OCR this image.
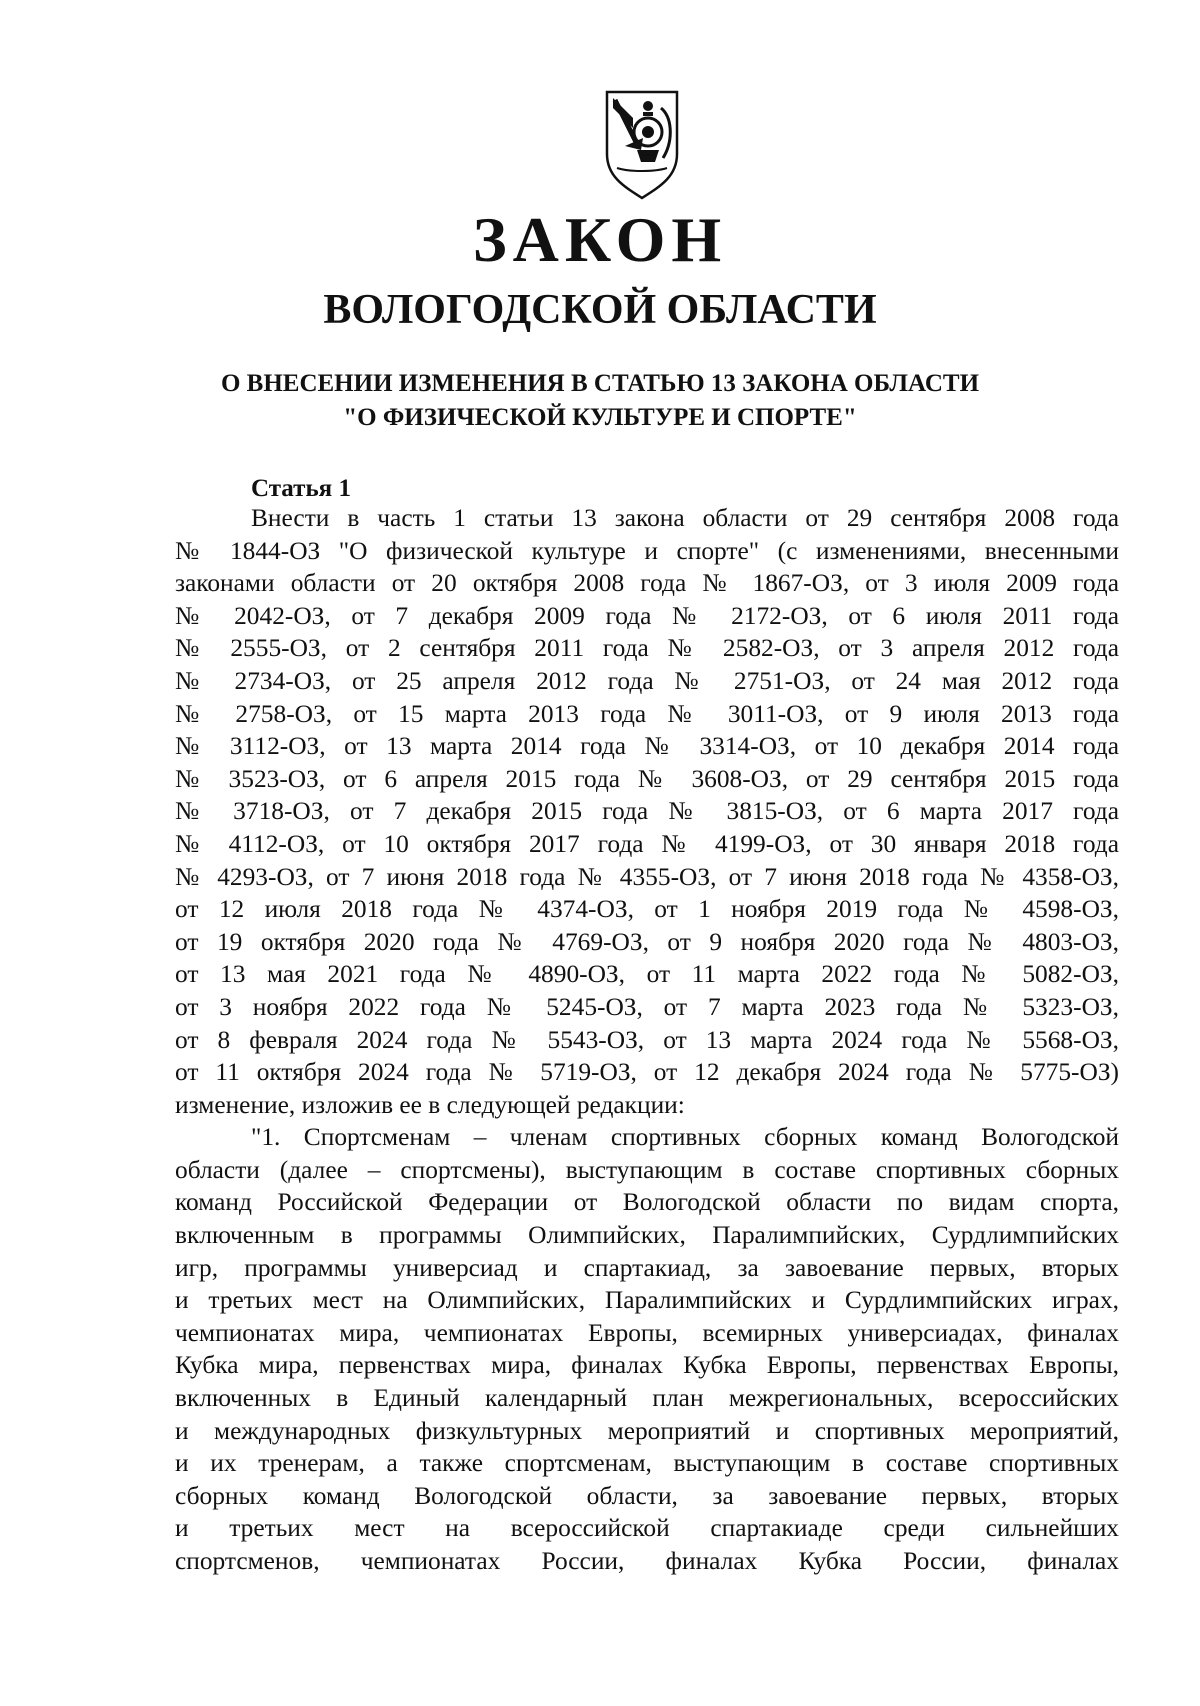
ЗАКОН
ВОЛОГОДСКОЙ ОБЛАСТИ
О ВНЕСЕНИИ ИЗМЕНЕНИЯ В СТАТЬЮ 13 ЗАКОНА ОБЛАСТИ
"О ФИЗИЧЕСКОЙ КУЛЬТУРЕ И СПОРТЕ"
Статья 1
Внести в часть 1 статьи 13 закона области от 29 сентября 2008 года
№ 1844-ОЗ "О физической культуре и спорте" (с изменениями, внесенными
законами области от 20 октября 2008 года № 1867-ОЗ, от 3 июля 2009 года
№ 2042-ОЗ, от 7 декабря 2009 года № 2172-ОЗ, от 6 июля 2011 года
№ 2555-ОЗ, от 2 сентября 2011 года № 2582-ОЗ, от 3 апреля 2012 года
№ 2734-ОЗ, от 25 апреля 2012 года № 2751-ОЗ, от 24 мая 2012 года
№ 2758-ОЗ, от 15 марта 2013 года № 3011-ОЗ, от 9 июля 2013 года
№ 3112-ОЗ, от 13 марта 2014 года № 3314-ОЗ, от 10 декабря 2014 года
№ 3523-ОЗ, от 6 апреля 2015 года № 3608-ОЗ, от 29 сентября 2015 года
№ 3718-ОЗ, от 7 декабря 2015 года № 3815-ОЗ, от 6 марта 2017 года
№ 4112-ОЗ, от 10 октября 2017 года № 4199-ОЗ, от 30 января 2018 года
№ 4293-ОЗ, от 7 июня 2018 года № 4355-ОЗ, от 7 июня 2018 года № 4358-ОЗ,
от 12 июля 2018 года № 4374-ОЗ, от 1 ноября 2019 года № 4598-ОЗ,
от 19 октября 2020 года № 4769-ОЗ, от 9 ноября 2020 года № 4803-ОЗ,
от 13 мая 2021 года № 4890-ОЗ, от 11 марта 2022 года № 5082-ОЗ,
от 3 ноября 2022 года № 5245-ОЗ, от 7 марта 2023 года № 5323-ОЗ,
от 8 февраля 2024 года № 5543-ОЗ, от 13 марта 2024 года № 5568-ОЗ,
от 11 октября 2024 года № 5719-ОЗ, от 12 декабря 2024 года № 5775-ОЗ)
изменение, изложив ее в следующей редакции:
"1. Спортсменам – членам спортивных сборных команд Вологодской
области (далее – спортсмены), выступающим в составе спортивных сборных
команд Российской Федерации от Вологодской области по видам спорта,
включенным в программы Олимпийских, Паралимпийских, Сурдлимпийских
игр, программы универсиад и спартакиад, за завоевание первых, вторых
и третьих мест на Олимпийских, Паралимпийских и Сурдлимпийских играх,
чемпионатах мира, чемпионатах Европы, всемирных универсиадах, финалах
Кубка мира, первенствах мира, финалах Кубка Европы, первенствах Европы,
включенных в Единый календарный план межрегиональных, всероссийских
и международных физкультурных мероприятий и спортивных мероприятий,
и их тренерам, а также спортсменам, выступающим в составе спортивных
сборных команд Вологодской области, за завоевание первых, вторых
и третьих мест на всероссийской спартакиаде среди сильнейших
спортсменов, чемпионатах России, финалах Кубка России, финалах
